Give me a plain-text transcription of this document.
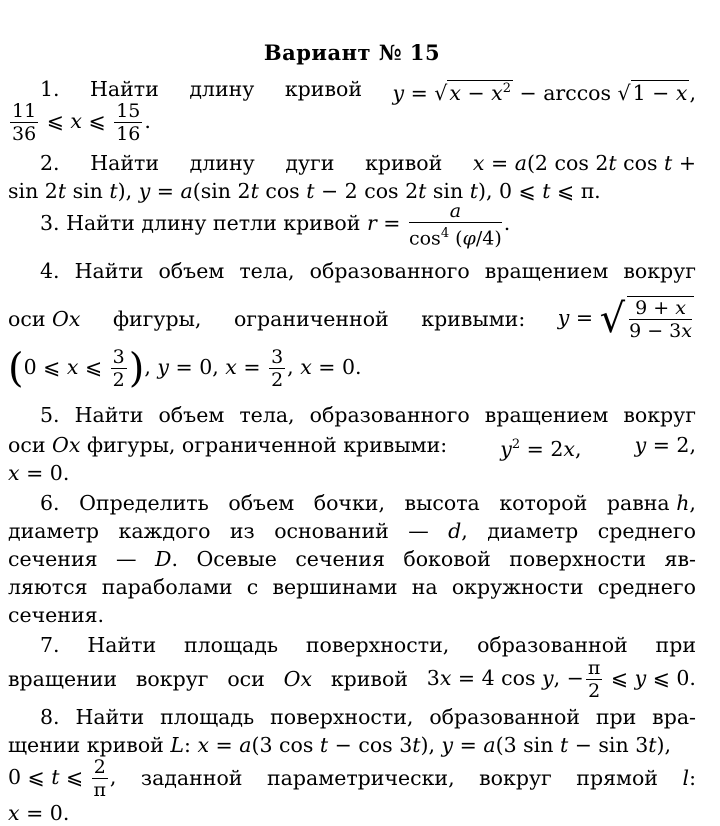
Вариант № 15
1. Найти длину кривой $y = √x - x^2 - \arccos √1 - x$,
$\frac{11}{36}$ ⩽ x ⩽ $\frac{15}{16}$ .
2. Найти длину дуги кривой x = a(2 cos 2t cos t +
sin 2t sin t), y = a(sin 2t cos t − 2 cos 2t sin t), 0 ⩽ t ⩽ π.
3. Найти длину петли кривой $r = \frac{a}{\cos^4 (\varphi/4)}$ .
4. Найти объем тела, образованного вращением вокруг
оси Ox фигуры, ограниченной кривыми: y = √ $\frac{9 + x}{9 - 3x}$
(0 ⩽ x ⩽ $\frac{3}{2}$ ), y = 0, $x = \frac{3}{2}$ , x = 0.
5. Найти объем тела, образованного вращением вокруг
оси Ox фигуры, ограниченной кривыми:	$y^2 = 2x$,	y = 2,
x = 0.
6. Определить объем бочки, высота которой равна h,
диаметр каждого из оснований — d, диаметр среднего
сечения — D. Осевые сечения боковой поверхности яв-
ляются параболами с вершинами на окружности среднего
сечения.
7. Найти площадь поверхности, образованной при
вращении вокруг оси Ox кривой 3x = 4 cos y, − $\frac{\pi}{2}$ ⩽ y ⩽ 0.
8. Найти площадь поверхности, образованной при вра-
щении кривой L: x = a(3 cos t − cos 3t), y = a(3 sin t − sin 3t),
0 ⩽ t ⩽ $\frac{2}{\pi}$ , заданной параметрически, вокруг прямой l:
x = 0.
